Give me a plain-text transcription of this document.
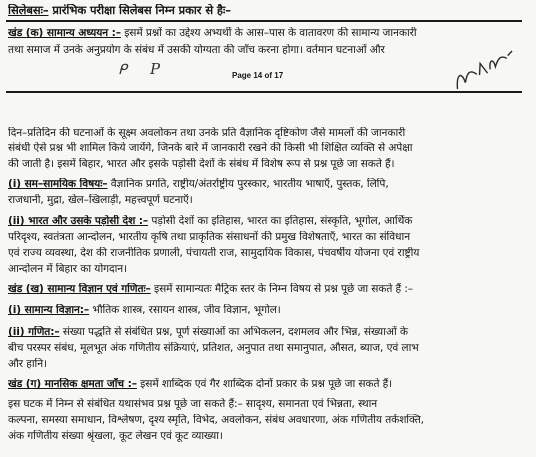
सिलेबसः– प्रारंभिक परीक्षा सिलेबस निम्न प्रकार से हैः–
खंड (क) सामान्य अध्ययन :– इसमें प्रश्नों का उद्देश्य अभ्यर्थी के आस–पास के वातावरण की सामान्य जानकारी
तथा समाज में उनके अनुप्रयोग के संबंध में उसकी योग्यता की जाँच करना होगा। वर्तमान घटनाओं और
ᑭ P	Page 14 of 17
दिन–प्रतिदिन की घटनाओं के सूक्ष्म अवलोकन तथा उनके प्रति वैज्ञानिक दृष्टिकोण जैसे मामलों की जानकारी
संबंधी ऐसे प्रश्न भी शामिल किये जायेंगे, जिनके बारे में जानकारी रखने की किसी भी शिक्षित व्यक्ति से अपेक्षा
की जाती है। इसमें बिहार, भारत और इसके पड़ोसी देशों के संबंध में विशेष रूप से प्रश्न पूछे जा सकते हैं।
(i) सम–सामयिक विषयः– वैज्ञानिक प्रगति, राष्ट्रीय/अंतर्राष्ट्रीय पुरस्कार, भारतीय भाषाएँ, पुस्तक, लिपि,
राजधानी, मुद्रा, खेल–खिलाड़ी, महत्त्वपूर्ण घटनाएँ।
(ii) भारत और उसके पड़ोसी देश :– पड़ोसी देशों का इतिहास, भारत का इतिहास, संस्कृति, भूगोल, आर्थिक
परिदृश्य, स्वतंत्रता आन्दोलन, भारतीय कृषि तथा प्राकृतिक संसाधनों की प्रमुख विशेषताएँ, भारत का संविधान
एवं राज्य व्यवस्था, देश की राजनीतिक प्रणाली, पंचायती राज, सामुदायिक विकास, पंचवर्षीय योजना एवं राष्ट्रीय
आन्दोलन में बिहार का योगदान।
खंड (ख) सामान्य विज्ञान एवं गणितः– इसमें सामान्यतः मैट्रिक स्तर के निम्न विषय से प्रश्न पूछे जा सकते हैं :–
(i) सामान्य विज्ञान:– भौतिक शास्त्र, रसायन शास्त्र, जीव विज्ञान, भूगोल।
(ii) गणित:– संख्या पद्धति से संबंधित प्रश्न, पूर्ण संख्याओं का अभिकलन, दशमलव और भिन्न, संख्याओं के
बीच परस्पर संबंध, मूलभूत अंक गणितीय संक्रियाएं, प्रतिशत, अनुपात तथा समानुपात, औसत, ब्याज, एवं लाभ
और हानि।
खंड (ग) मानसिक क्षमता जाँच :– इसमें शाब्दिक एवं गैर शाब्दिक दोनों प्रकार के प्रश्न पूछे जा सकते हैं।
इस घटक में निम्न से संबंधित यथासंभव प्रश्न पूछे जा सकते हैं:– सादृश्य, समानता एवं भिन्नता, स्थान
कल्पना, समस्या समाधान, विश्लेषण, दृश्य स्मृति, विभेद, अवलोकन, संबंध अवधारणा, अंक गणितीय तर्कशक्ति,
अंक गणितीय संख्या श्रृंखला, कूट लेखन एवं कूट व्याख्या।
